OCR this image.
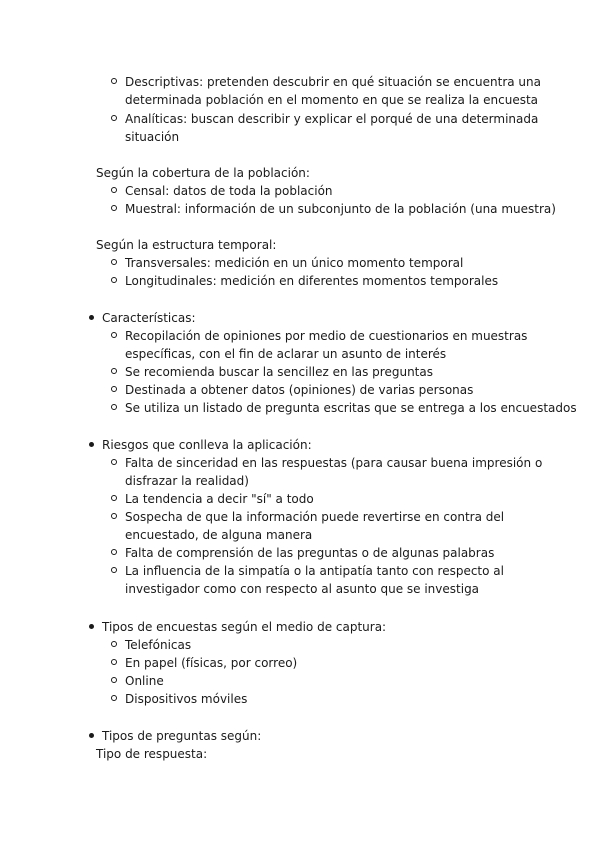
Descriptivas: pretenden descubrir en qué situación se encuentra una
determinada población en el momento en que se realiza la encuesta
Analíticas: buscan describir y explicar el porqué de una determinada
situación
Según la cobertura de la población:
Censal: datos de toda la población
Muestral: información de un subconjunto de la población (una muestra)
Según la estructura temporal:
Transversales: medición en un único momento temporal
Longitudinales: medición en diferentes momentos temporales
Características:
Recopilación de opiniones por medio de cuestionarios en muestras
específicas, con el fin de aclarar un asunto de interés
Se recomienda buscar la sencillez en las preguntas
Destinada a obtener datos (opiniones) de varias personas
Se utiliza un listado de pregunta escritas que se entrega a los encuestados
Riesgos que conlleva la aplicación:
Falta de sinceridad en las respuestas (para causar buena impresión o
disfrazar la realidad)
La tendencia a decir "sí" a todo
Sospecha de que la información puede revertirse en contra del
encuestado, de alguna manera
Falta de comprensión de las preguntas o de algunas palabras
La influencia de la simpatía o la antipatía tanto con respecto al
investigador como con respecto al asunto que se investiga
Tipos de encuestas según el medio de captura:
Telefónicas
En papel (físicas, por correo)
Online
Dispositivos móviles
Tipos de preguntas según:
Tipo de respuesta:
